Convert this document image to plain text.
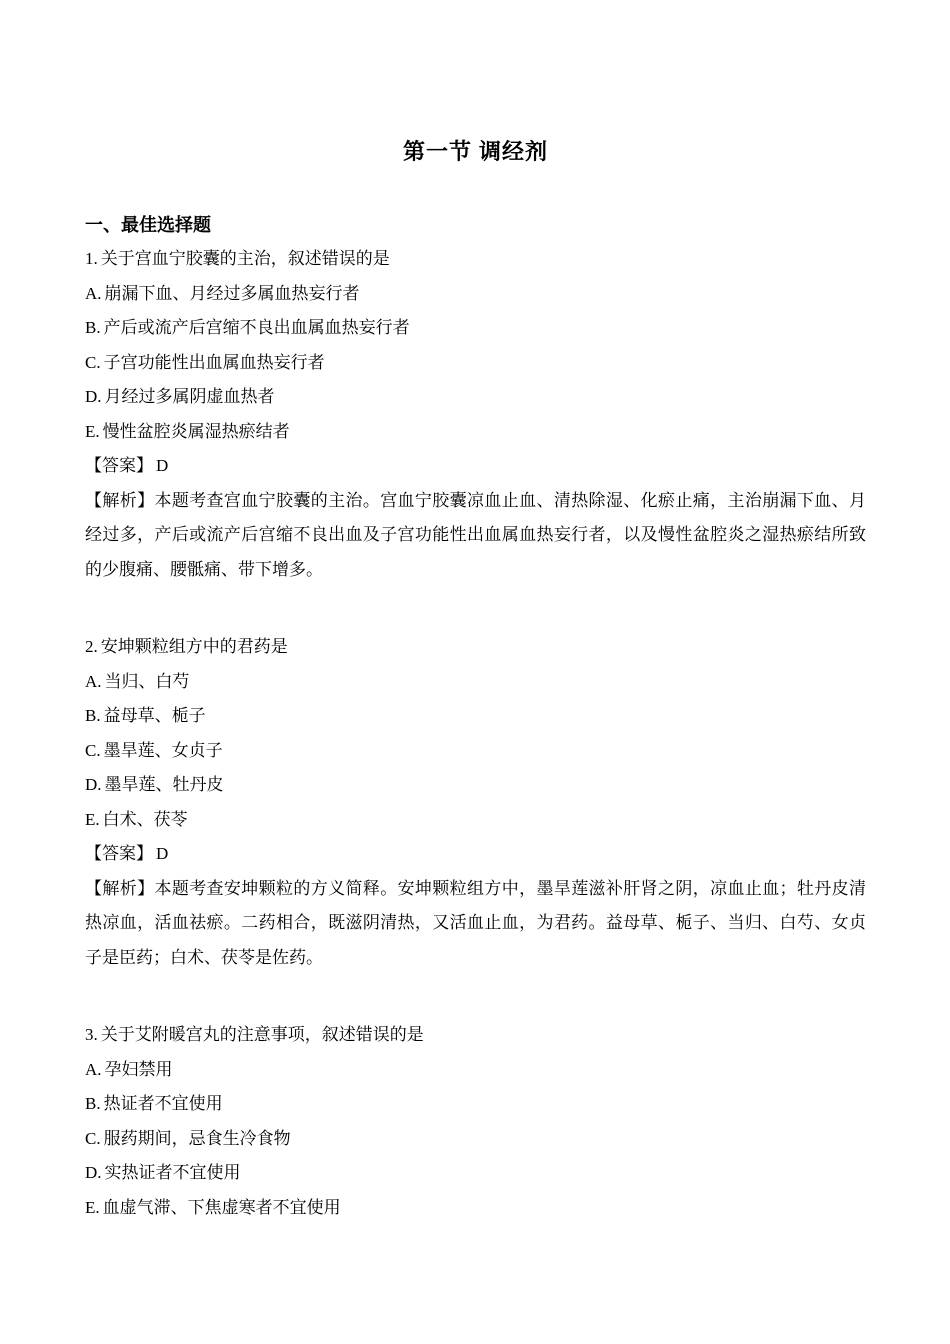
第一节 调经剂
一、最佳选择题

1. 关于宫血宁胶囊的主治，叙述错误的是

A. 崩漏下血、月经过多属血热妄行者

B. 产后或流产后宫缩不良出血属血热妄行者

C. 子宫功能性出血属血热妄行者

D. 月经过多属阴虚血热者

E. 慢性盆腔炎属湿热瘀结者

【答案】 D

【解析】本题考查宫血宁胶囊的主治。宫血宁胶囊凉血止血、清热除湿、化瘀止痛，主治崩漏下血、月经过多，产后或流产后宫缩不良出血及子宫功能性出血属血热妄行者，以及慢性盆腔炎之湿热瘀结所致的少腹痛、腰骶痛、带下增多。

2. 安坤颗粒组方中的君药是

A. 当归、白芍

B. 益母草、栀子

C. 墨旱莲、女贞子

D. 墨旱莲、牡丹皮

E. 白术、茯苓

【答案】 D

【解析】本题考查安坤颗粒的方义简释。安坤颗粒组方中，墨旱莲滋补肝肾之阴，凉血止血；牡丹皮清热凉血，活血祛瘀。二药相合，既滋阴清热，又活血止血，为君药。益母草、栀子、当归、白芍、女贞子是臣药；白术、茯苓是佐药。

3. 关于艾附暖宫丸的注意事项，叙述错误的是

A. 孕妇禁用

B. 热证者不宜使用

C. 服药期间，忌食生冷食物

D. 实热证者不宜使用

E. 血虚气滞、下焦虚寒者不宜使用
